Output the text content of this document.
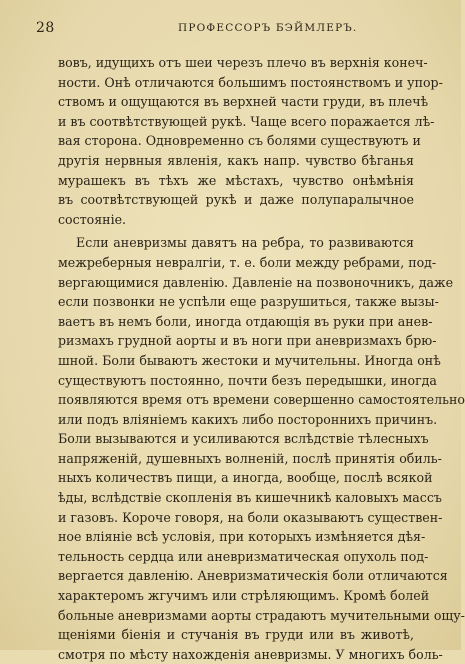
28	ПРОФЕССОРЪ БЭЙМЛЕРЪ.
вовъ, идущихъ отъ шеи черезъ плечо въ верхнія конеч-
ности. Онѣ отличаются большимъ постоянствомъ и упор-
ствомъ и ощущаются въ верхней части груди, въ плечѣ
и въ соотвѣтствующей рукѣ. Чаще всего поражается лѣ-
вая сторона. Одновременно съ болями существуютъ и
другія нервныя явленія, какъ напр. чувство бѣганья
мурашекъ въ тѣхъ же мѣстахъ, чувство онѣмѣнія
въ соотвѣтствующей рукѣ и даже полупаралычное
состояніе.
Если аневризмы давятъ на ребра, то развиваются
межреберныя невралгіи, т. е. боли между ребрами, под-
вергающимися давленію. Давленіе на позвоночникъ, даже
если позвонки не успѣли еще разрушиться, также вызы-
ваетъ въ немъ боли, иногда отдающія въ руки при анев-
ризмахъ грудной аорты и въ ноги при аневризмахъ брю-
шной. Боли бываютъ жестоки и мучительны. Иногда онѣ
существуютъ постоянно, почти безъ передышки, иногда
появляются время отъ времени совершенно самостоятельно
или подъ вліяніемъ какихъ либо постороннихъ причинъ.
Боли вызываются и усиливаются вслѣдствіе тѣлесныхъ
напряженій, душевныхъ волненій, послѣ принятія обиль-
ныхъ количествъ пищи, а иногда, вообще, послѣ всякой
ѣды, вслѣдствіе скопленія въ кишечникѣ каловыхъ массъ
и газовъ. Короче говоря, на боли оказываютъ существен-
ное вліяніе всѣ условія, при которыхъ измѣняется дѣя-
тельность сердца или аневризматическая опухоль под-
вергается давленію. Аневризматическія боли отличаются
характеромъ жгучимъ или стрѣляющимъ. Кромѣ болей
больные аневризмами аорты страдаютъ мучительными ощу-
щеніями біенія и стучанія въ груди или въ животѣ,
смотря по мѣсту нахожденія аневризмы. У многихъ боль-
